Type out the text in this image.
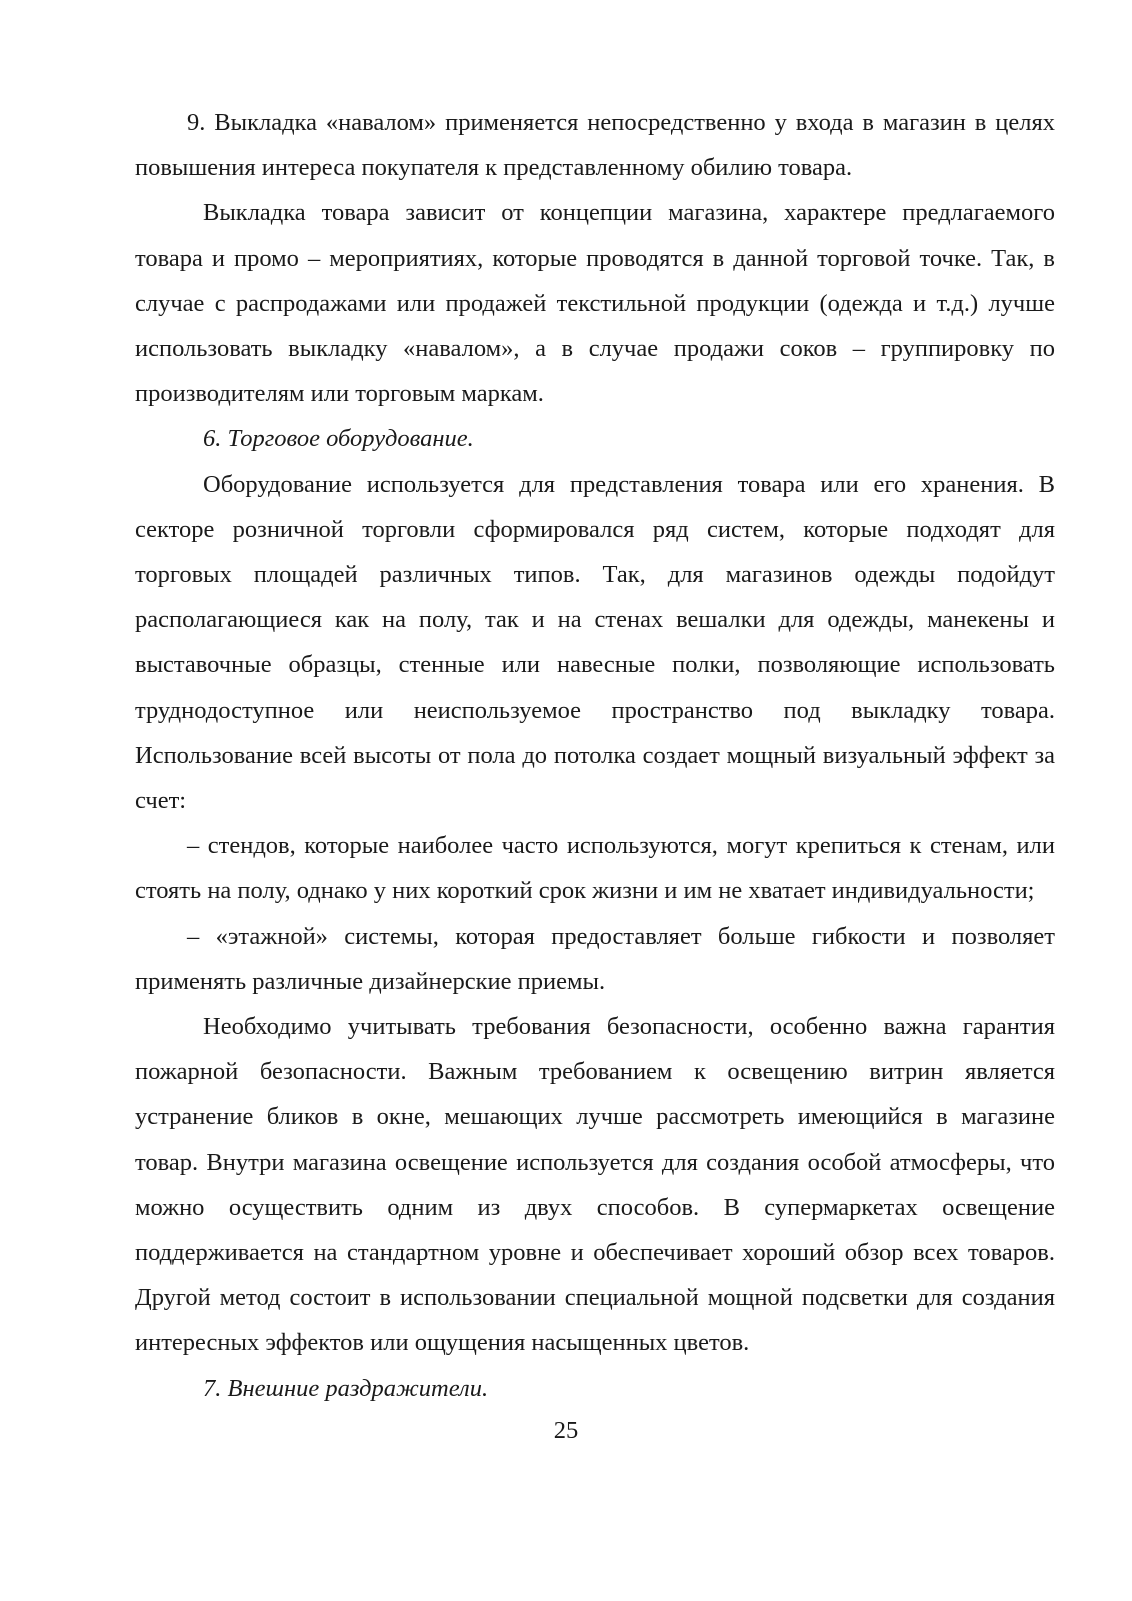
9. Выкладка «навалом» применяется непосредственно у входа в магазин в целях повышения интереса покупателя к представленному обилию товара.

Выкладка товара зависит от концепции магазина, характере предлагаемого товара и промо – мероприятиях, которые проводятся в данной торговой точке. Так, в случае с распродажами или продажей текстильной продукции (одежда и т.д.) лучше использовать выкладку «навалом», а в случае продажи соков – группировку по производителям или торговым маркам.

6. Торговое оборудование.

Оборудование используется для представления товара или его хранения. В секторе розничной торговли сформировался ряд систем, которые подходят для торговых площадей различных типов. Так, для магазинов одежды подойдут располагающиеся как на полу, так и на стенах вешалки для одежды, манекены и выставочные образцы, стенные или навесные полки, позволяющие использовать труднодоступное или неиспользуемое пространство под выкладку товара. Использование всей высоты от пола до потолка создает мощный визуальный эффект за счет:

– стендов, которые наиболее часто используются, могут крепиться к стенам, или стоять на полу, однако у них короткий срок жизни и им не хватает индивидуальности;

– «этажной» системы, которая предоставляет больше гибкости и позволяет применять различные дизайнерские приемы.

Необходимо учитывать требования безопасности, особенно важна гарантия пожарной безопасности. Важным требованием к освещению витрин является устранение бликов в окне, мешающих лучше рассмотреть имеющийся в магазине товар. Внутри магазина освещение используется для создания особой атмосферы, что можно осуществить одним из двух способов. В супермаркетах освещение поддерживается на стандартном уровне и обеспечивает хороший обзор всех товаров. Другой метод состоит в использовании специальной мощной подсветки для создания интересных эффектов или ощущения насыщенных цветов.

7. Внешние раздражители.

25
